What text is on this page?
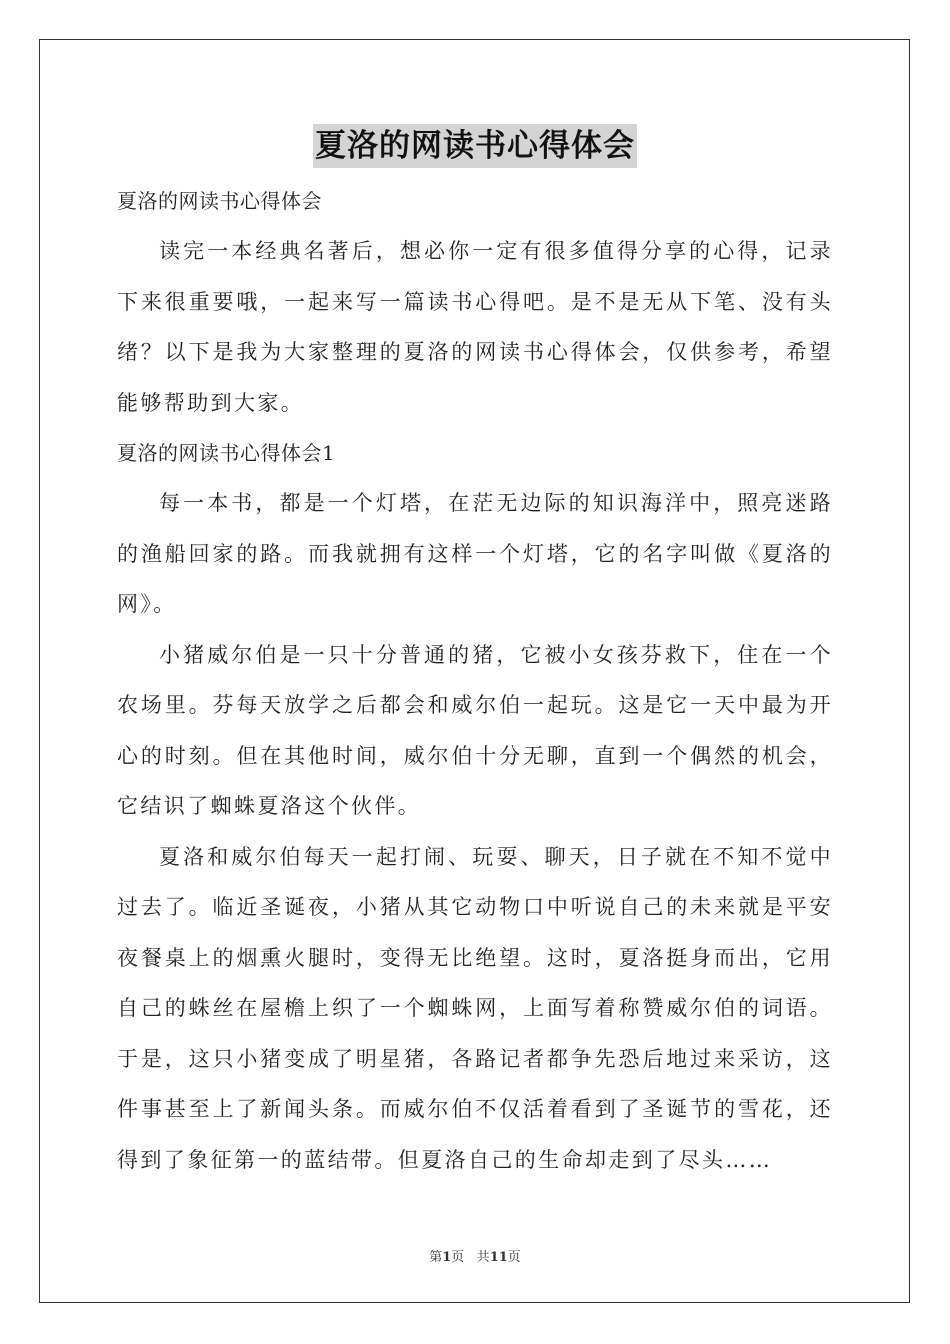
夏洛的网读书心得体会

夏洛的网读书心得体会

读完一本经典名著后，想必你一定有很多值得分享的心得，记录下来很重要哦，一起来写一篇读书心得吧。是不是无从下笔、没有头绪？以下是我为大家整理的夏洛的网读书心得体会，仅供参考，希望能够帮助到大家。

夏洛的网读书心得体会1

每一本书，都是一个灯塔，在茫无边际的知识海洋中，照亮迷路的渔船回家的路。而我就拥有这样一个灯塔，它的名字叫做《夏洛的网》。

小猪威尔伯是一只十分普通的猪，它被小女孩芬救下，住在一个农场里。芬每天放学之后都会和威尔伯一起玩。这是它一天中最为开心的时刻。但在其他时间，威尔伯十分无聊，直到一个偶然的机会，它结识了蜘蛛夏洛这个伙伴。

夏洛和威尔伯每天一起打闹、玩耍、聊天，日子就在不知不觉中过去了。临近圣诞夜，小猪从其它动物口中听说自己的未来就是平安夜餐桌上的烟熏火腿时，变得无比绝望。这时，夏洛挺身而出，它用自己的蛛丝在屋檐上织了一个蜘蛛网，上面写着称赞威尔伯的词语。于是，这只小猪变成了明星猪，各路记者都争先恐后地过来采访，这件事甚至上了新闻头条。而威尔伯不仅活着看到了圣诞节的雪花，还得到了象征第一的蓝结带。但夏洛自己的生命却走到了尽头……

第1页 共11页
